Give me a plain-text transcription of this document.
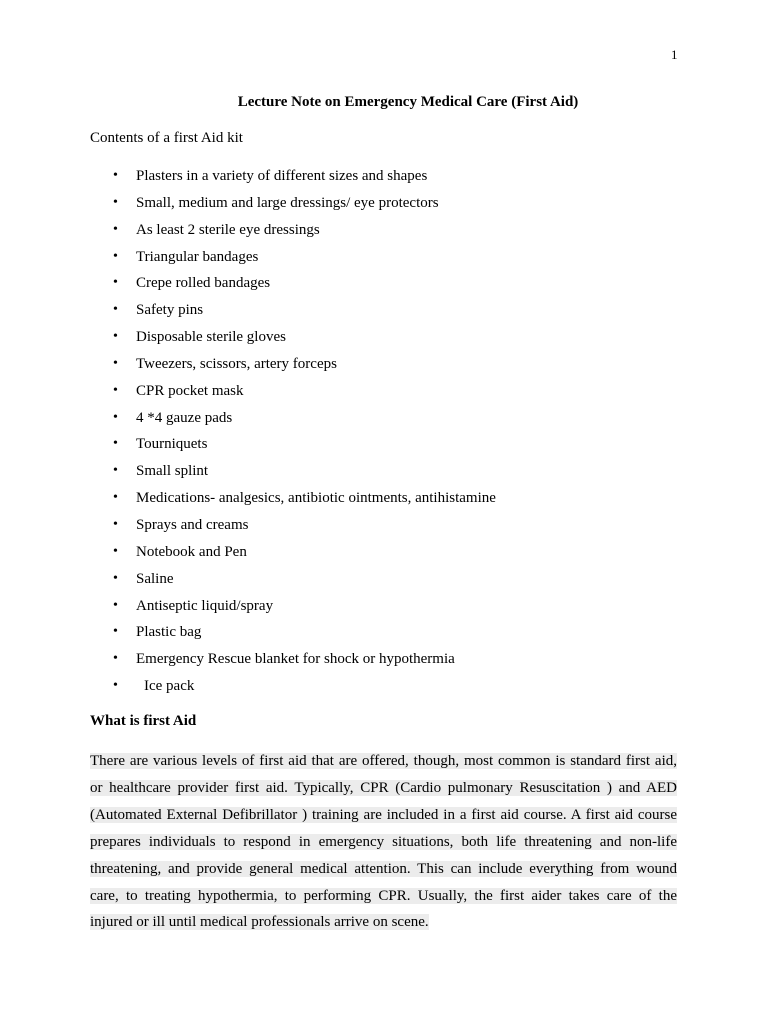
1
Lecture Note on Emergency Medical Care (First Aid)
Contents of a first Aid kit
• Plasters in a variety of different sizes and shapes
• Small, medium and large dressings/ eye protectors
• As least 2 sterile eye dressings
• Triangular bandages
• Crepe rolled bandages
• Safety pins
• Disposable sterile gloves
• Tweezers, scissors, artery forceps
• CPR pocket mask
• 4 *4 gauze pads
• Tourniquets
• Small splint
• Medications- analgesics, antibiotic ointments, antihistamine
• Sprays and creams
• Notebook and Pen
• Saline
• Antiseptic liquid/spray
• Plastic bag
• Emergency Rescue blanket for shock or hypothermia
• Ice pack
What is first Aid
There are various levels of first aid that are offered, though, most common is standard first aid,
or healthcare provider first aid. Typically, CPR (Cardio pulmonary Resuscitation ) and AED
(Automated External Defibrillator ) training are included in a first aid course. A first aid course
prepares individuals to respond in emergency situations, both life threatening and non-life
threatening, and provide general medical attention. This can include everything from wound
care, to treating hypothermia, to performing CPR. Usually, the first aider takes care of the
injured or ill until medical professionals arrive on scene.
